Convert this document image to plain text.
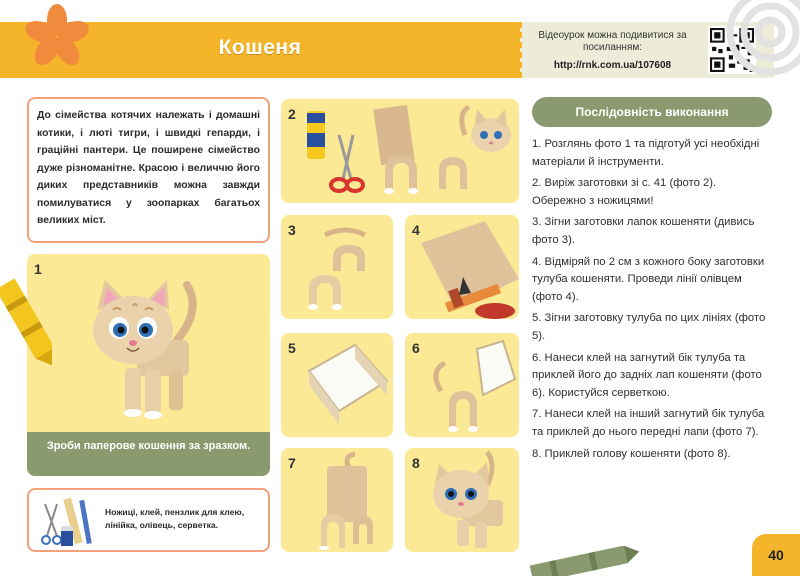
Кошеня
Відеоурок можна подивитися за посиланням:
http://rnk.com.ua/107608
До сімейства котячих належать і домашні котики, і люті тигри, і швидкі гепарди, і граційні пантери. Це поширене сімейство дуже різноманітне. Красою і величчю його диких представників можна завжди помилуватися у зоопарках багатьох великих міст.
1
Зроби паперове кошення за зразком.
2
3	4
5	6
7	8
Ножиці, клей, пензлик для клею, лінійка, олівець, серветка.
Послідовність виконання
1. Розглянь фото 1 та підготуй усі необхідні матеріали й інструменти.
2. Виріж заготовки зі с. 41 (фото 2). Обережно з ножицями!
3. Зігни заготовки лапок кошеняти (дивись фото 3).
4. Відміряй по 2 см з кожного боку заготовки тулуба кошеняти. Проведи лінії олівцем (фото 4).
5. Зігни заготовку тулуба по цих лініях (фото 5).
6. Нанеси клей на загнутий бік тулуба та приклей його до задніх лап кошеняти (фото 6). Користуйся серветкою.
7. Нанеси клей на інший загнутий бік тулуба та приклей до нього передні лапи (фото 7).
8. Приклей голову кошеняти (фото 8).
40
